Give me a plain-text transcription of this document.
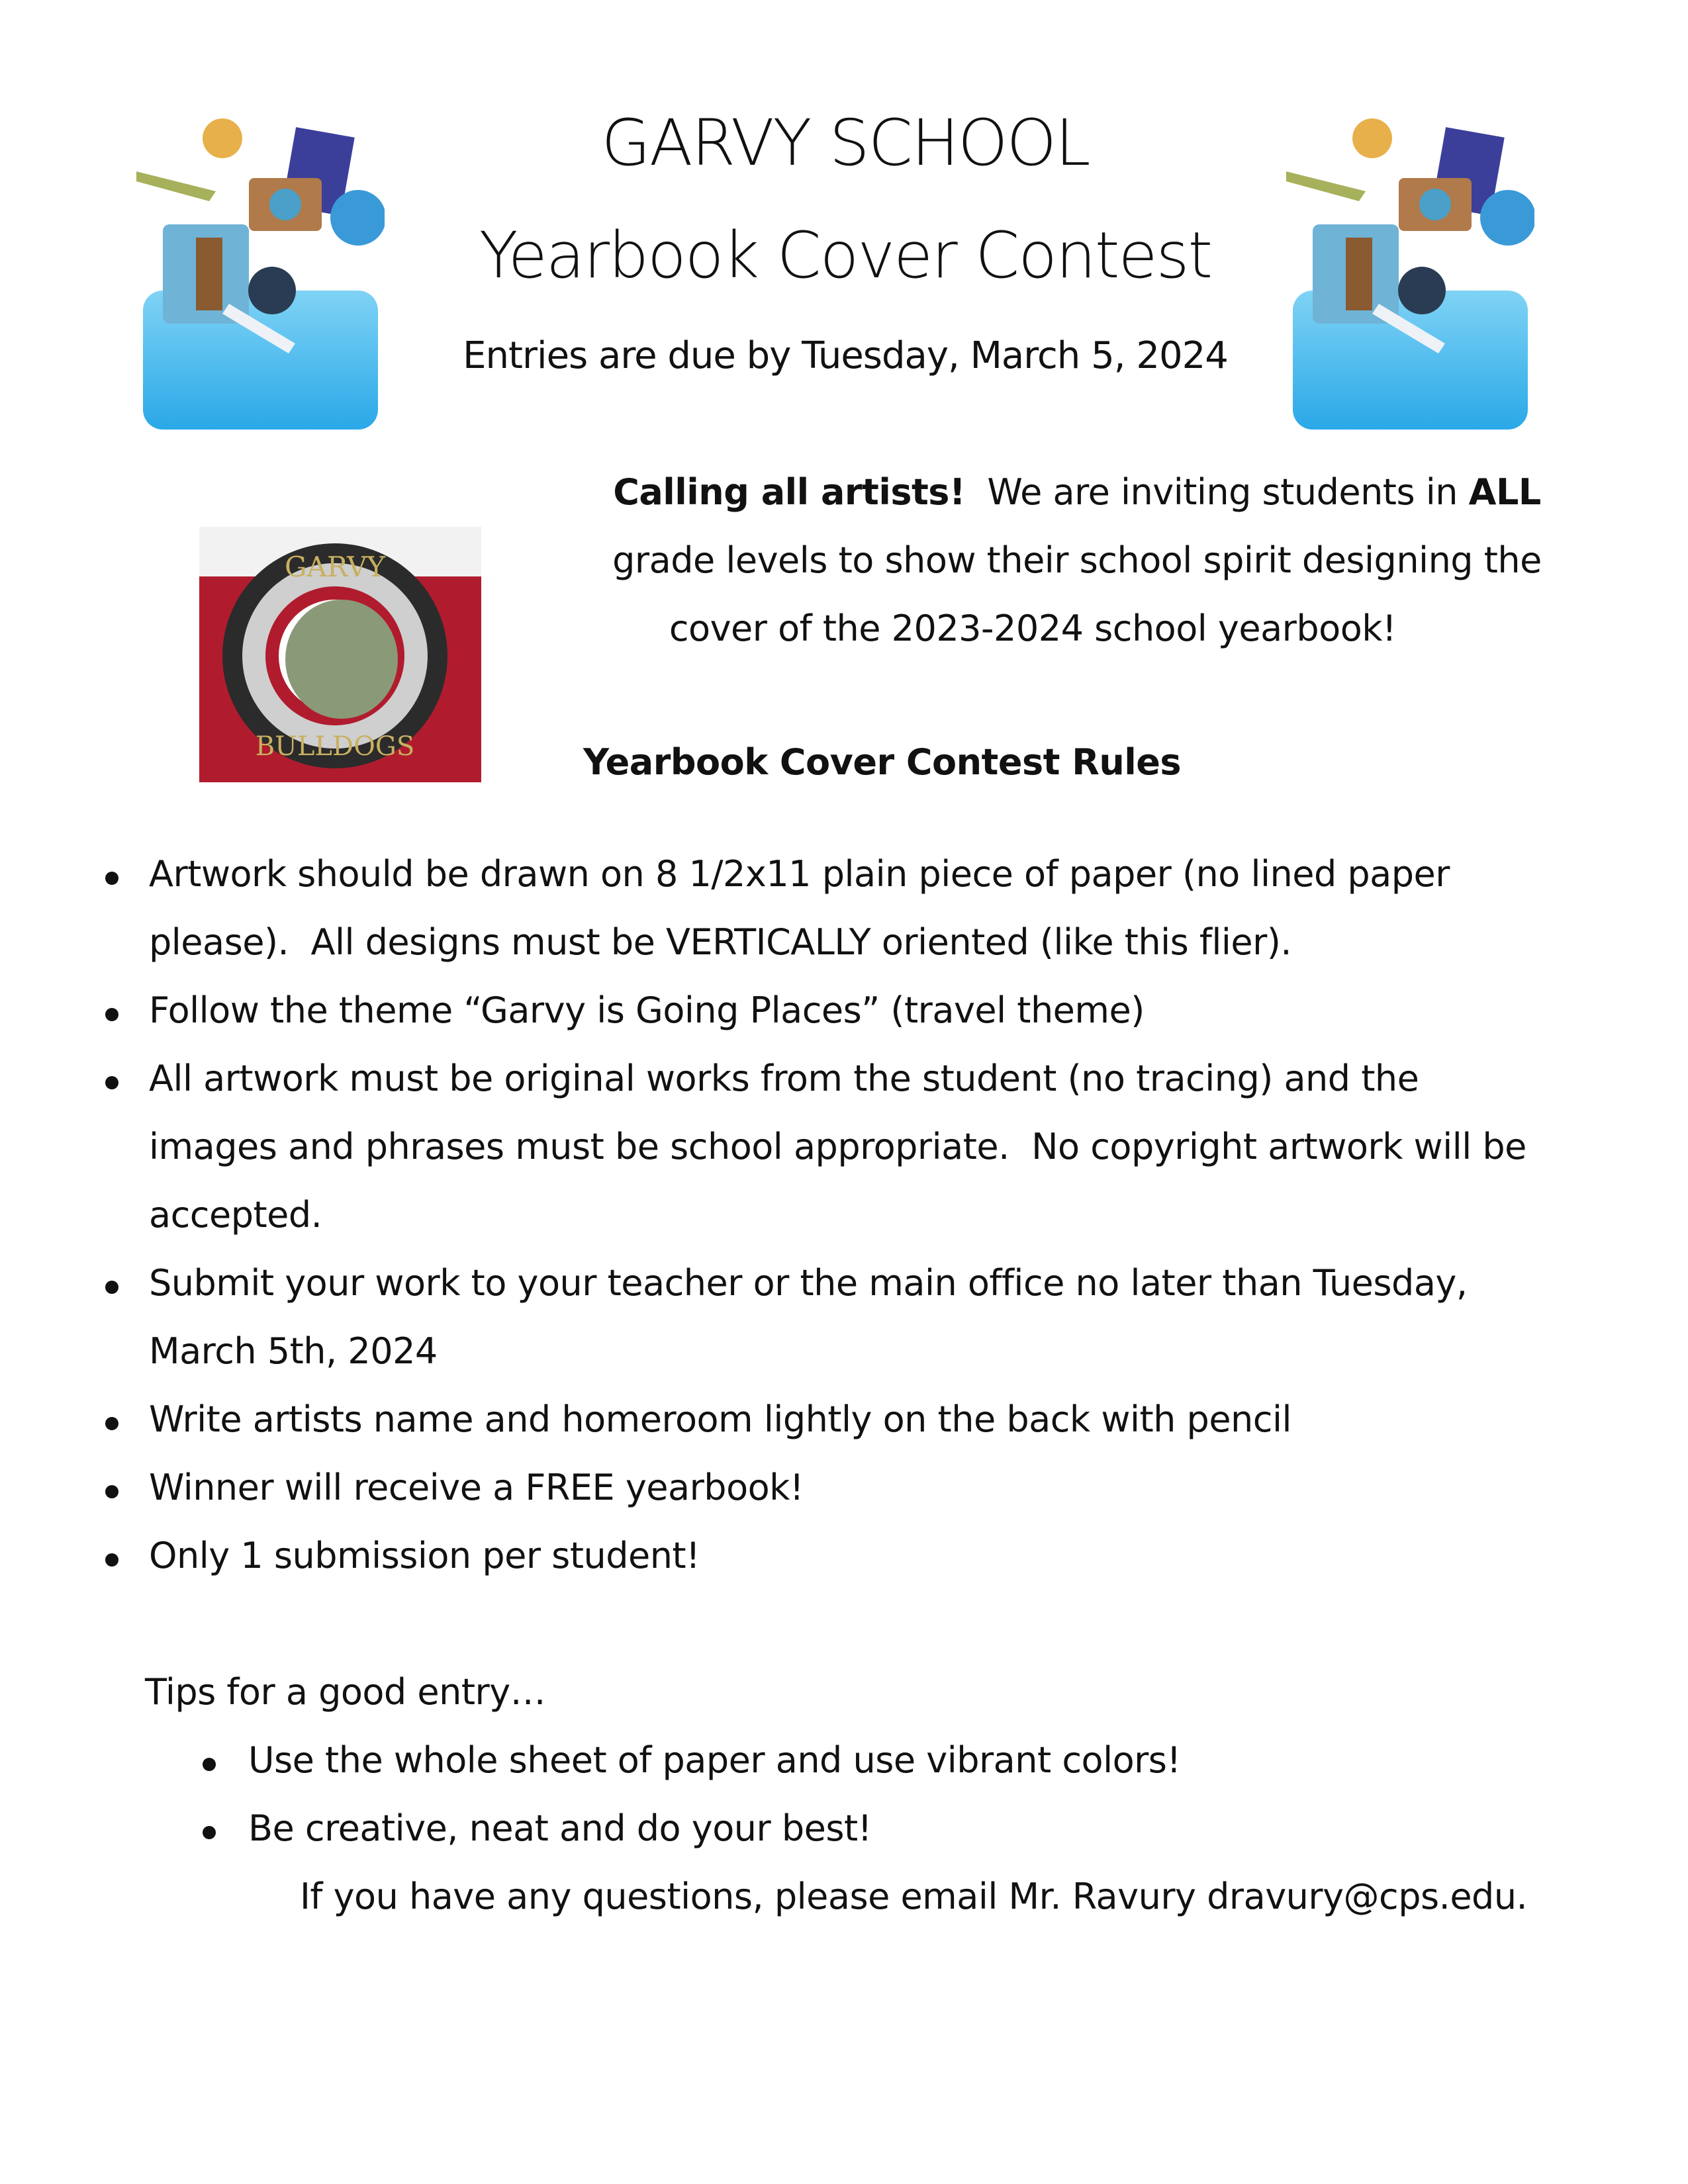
GARVY SCHOOL
Yearbook Cover Contest
Entries are due by Tuesday, March 5, 2024
GARVY
BULLDOGS
Calling all artists!  We are inviting students in ALL
grade levels to show their school spirit designing the
cover of the 2023-2024 school yearbook!
Yearbook Cover Contest Rules
Artwork should be drawn on 8 1/2x11 plain piece of paper (no lined paper
please).  All designs must be VERTICALLY oriented (like this flier).
Follow the theme “Garvy is Going Places” (travel theme)
All artwork must be original works from the student (no tracing) and the
images and phrases must be school appropriate.  No copyright artwork will be
accepted.
Submit your work to your teacher or the main office no later than Tuesday,
March 5th, 2024
Write artists name and homeroom lightly on the back with pencil
Winner will receive a FREE yearbook!
Only 1 submission per student!
Tips for a good entry…
Use the whole sheet of paper and use vibrant colors!
Be creative, neat and do your best!
If you have any questions, please email Mr. Ravury dravury@cps.edu.
